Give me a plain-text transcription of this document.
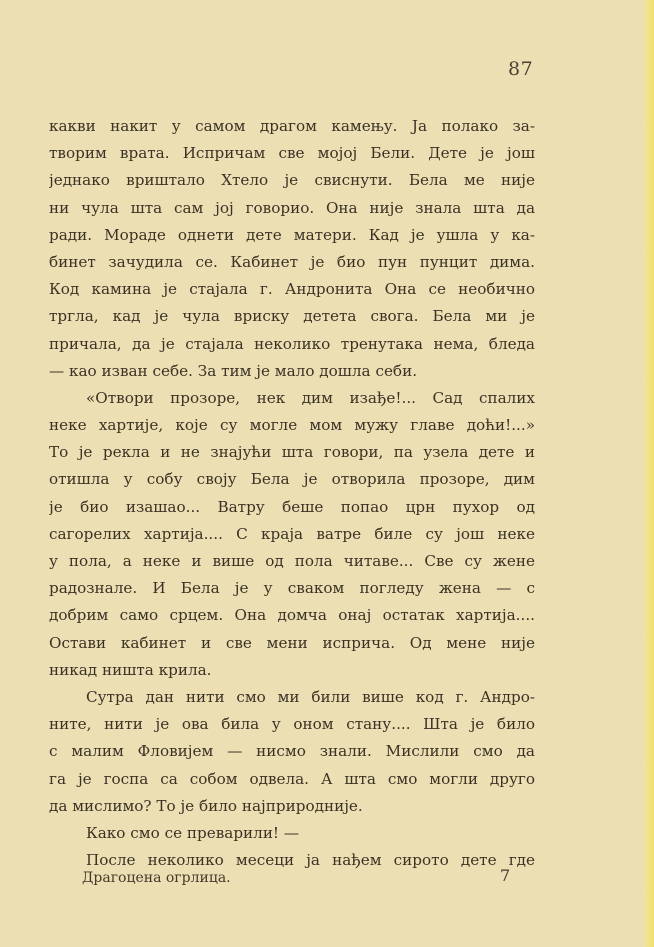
87
какви накит у самом драгом камењу. Ја полако за-
творим врата. Испричам све мојој Бели. Дете је још
једнако вриштало Хтело је свиснути. Бела ме није
ни чула шта сам јој говорио. Она није знала шта да
ради. Мораде однети дете матери. Кад је ушла у ка-
бинет зачудила се. Кабинет је био пун пунцит дима.
Код камина је стајала г. Андронита Она се необично
тргла, кад је чула вриску детета свога. Бела ми је
причала, да је стајала неколико тренутака нема, бледа
— као изван себе. За тим је мало дошла себи.
«Отвори прозоре, нек дим изађе!... Сад спалих
неке хартије, које су могле мом мужу главе доћи!...»
То је рекла и не знајући шта говори, па узела дете и
отишла у собу своју Бела је отворила прозоре, дим
је био изашао... Ватру беше попао црн пухор од
сагорелих хартија.... С краја ватре биле су још неке
у пола, а неке и више од пола читаве... Све су жене
радознале. И Бела је у сваком погледу жена — с
добрим само срцем. Она домча онај остатак хартија....
Остави кабинет и све мени исприча. Од мене није
никад ништа крила.
Сутра дан нити смо ми били више код г. Андро-
ните, нити је ова била у оном стану.... Шта је било
с малим Фловијем — нисмо знали. Мислили смо да
га је госпа са собом одвела. А шта смо могли друго
да мислимо? То је било најприродније.
Како смо се преварили! —
После неколико месеци ја нађем сирото дете где
Драгоцена огрлица.	7
